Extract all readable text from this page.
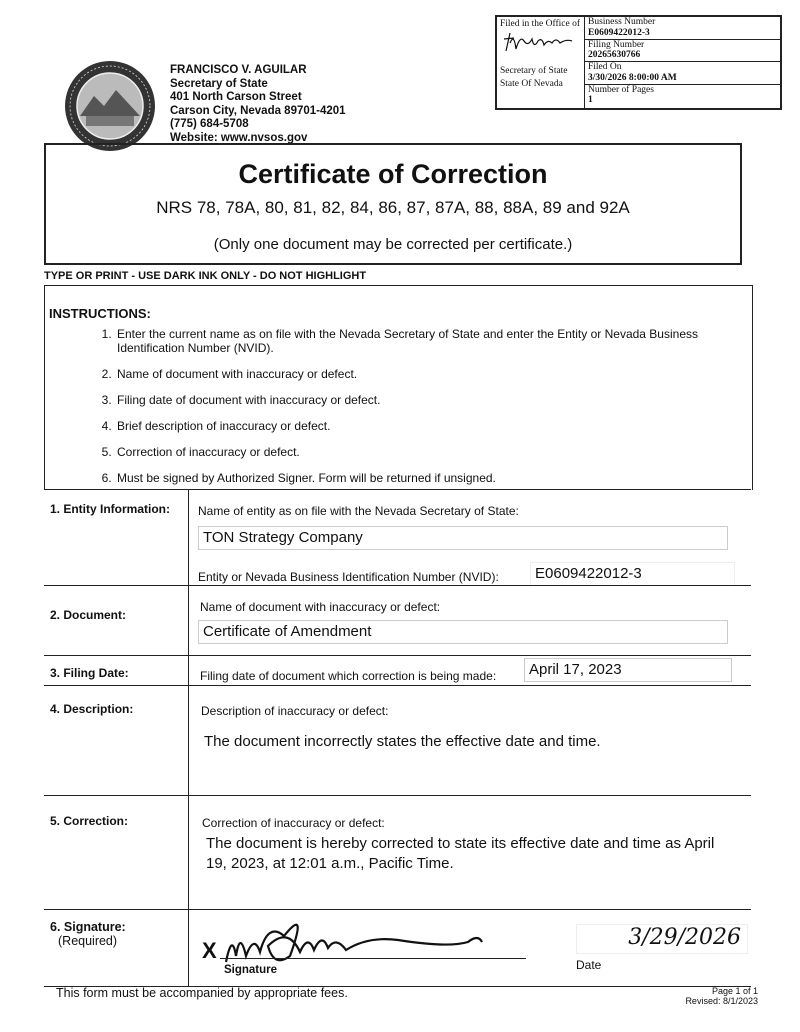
Filed in the Office of
Secretary of State
State Of Nevada
Business Number
E0609422012-3
Filing Number
20265630766
Filed On
3/30/2026 8:00:00 AM
Number of Pages
1
FRANCISCO V. AGUILAR
Secretary of State
401 North Carson Street
Carson City, Nevada 89701-4201
(775) 684-5708
Website: www.nvsos.gov
Certificate of Correction
NRS 78, 78A, 80, 81, 82, 84, 86, 87, 87A, 88, 88A, 89 and 92A
(Only one document may be corrected per certificate.)
TYPE OR PRINT - USE DARK INK ONLY - DO NOT HIGHLIGHT
INSTRUCTIONS:
1. Enter the current name as on file with the Nevada Secretary of State and enter the Entity or Nevada Business Identification Number (NVID).
2. Name of document with inaccuracy or defect.
3. Filing date of document with inaccuracy or defect.
4. Brief description of inaccuracy or defect.
5. Correction of inaccuracy or defect.
6. Must be signed by Authorized Signer. Form will be returned if unsigned.
1. Entity Information: Name of entity as on file with the Nevada Secretary of State:
TON Strategy Company
Entity or Nevada Business Identification Number (NVID):	E0609422012-3
2. Document:
Name of document with inaccuracy or defect:
Certificate of Amendment
3. Filing Date:	Filing date of document which correction is being made:	April 17, 2023
4. Description:	Description of inaccuracy or defect:
The document incorrectly states the effective date and time.
5. Correction:	Correction of inaccuracy or defect:
The document is hereby corrected to state its effective date and time as April 19, 2023, at 12:01 a.m., Pacific Time.
6. Signature:
(Required)	X
Signature	Date
3/29/2026
This form must be accompanied by appropriate fees.	Page 1 of 1
Revised: 8/1/2023
